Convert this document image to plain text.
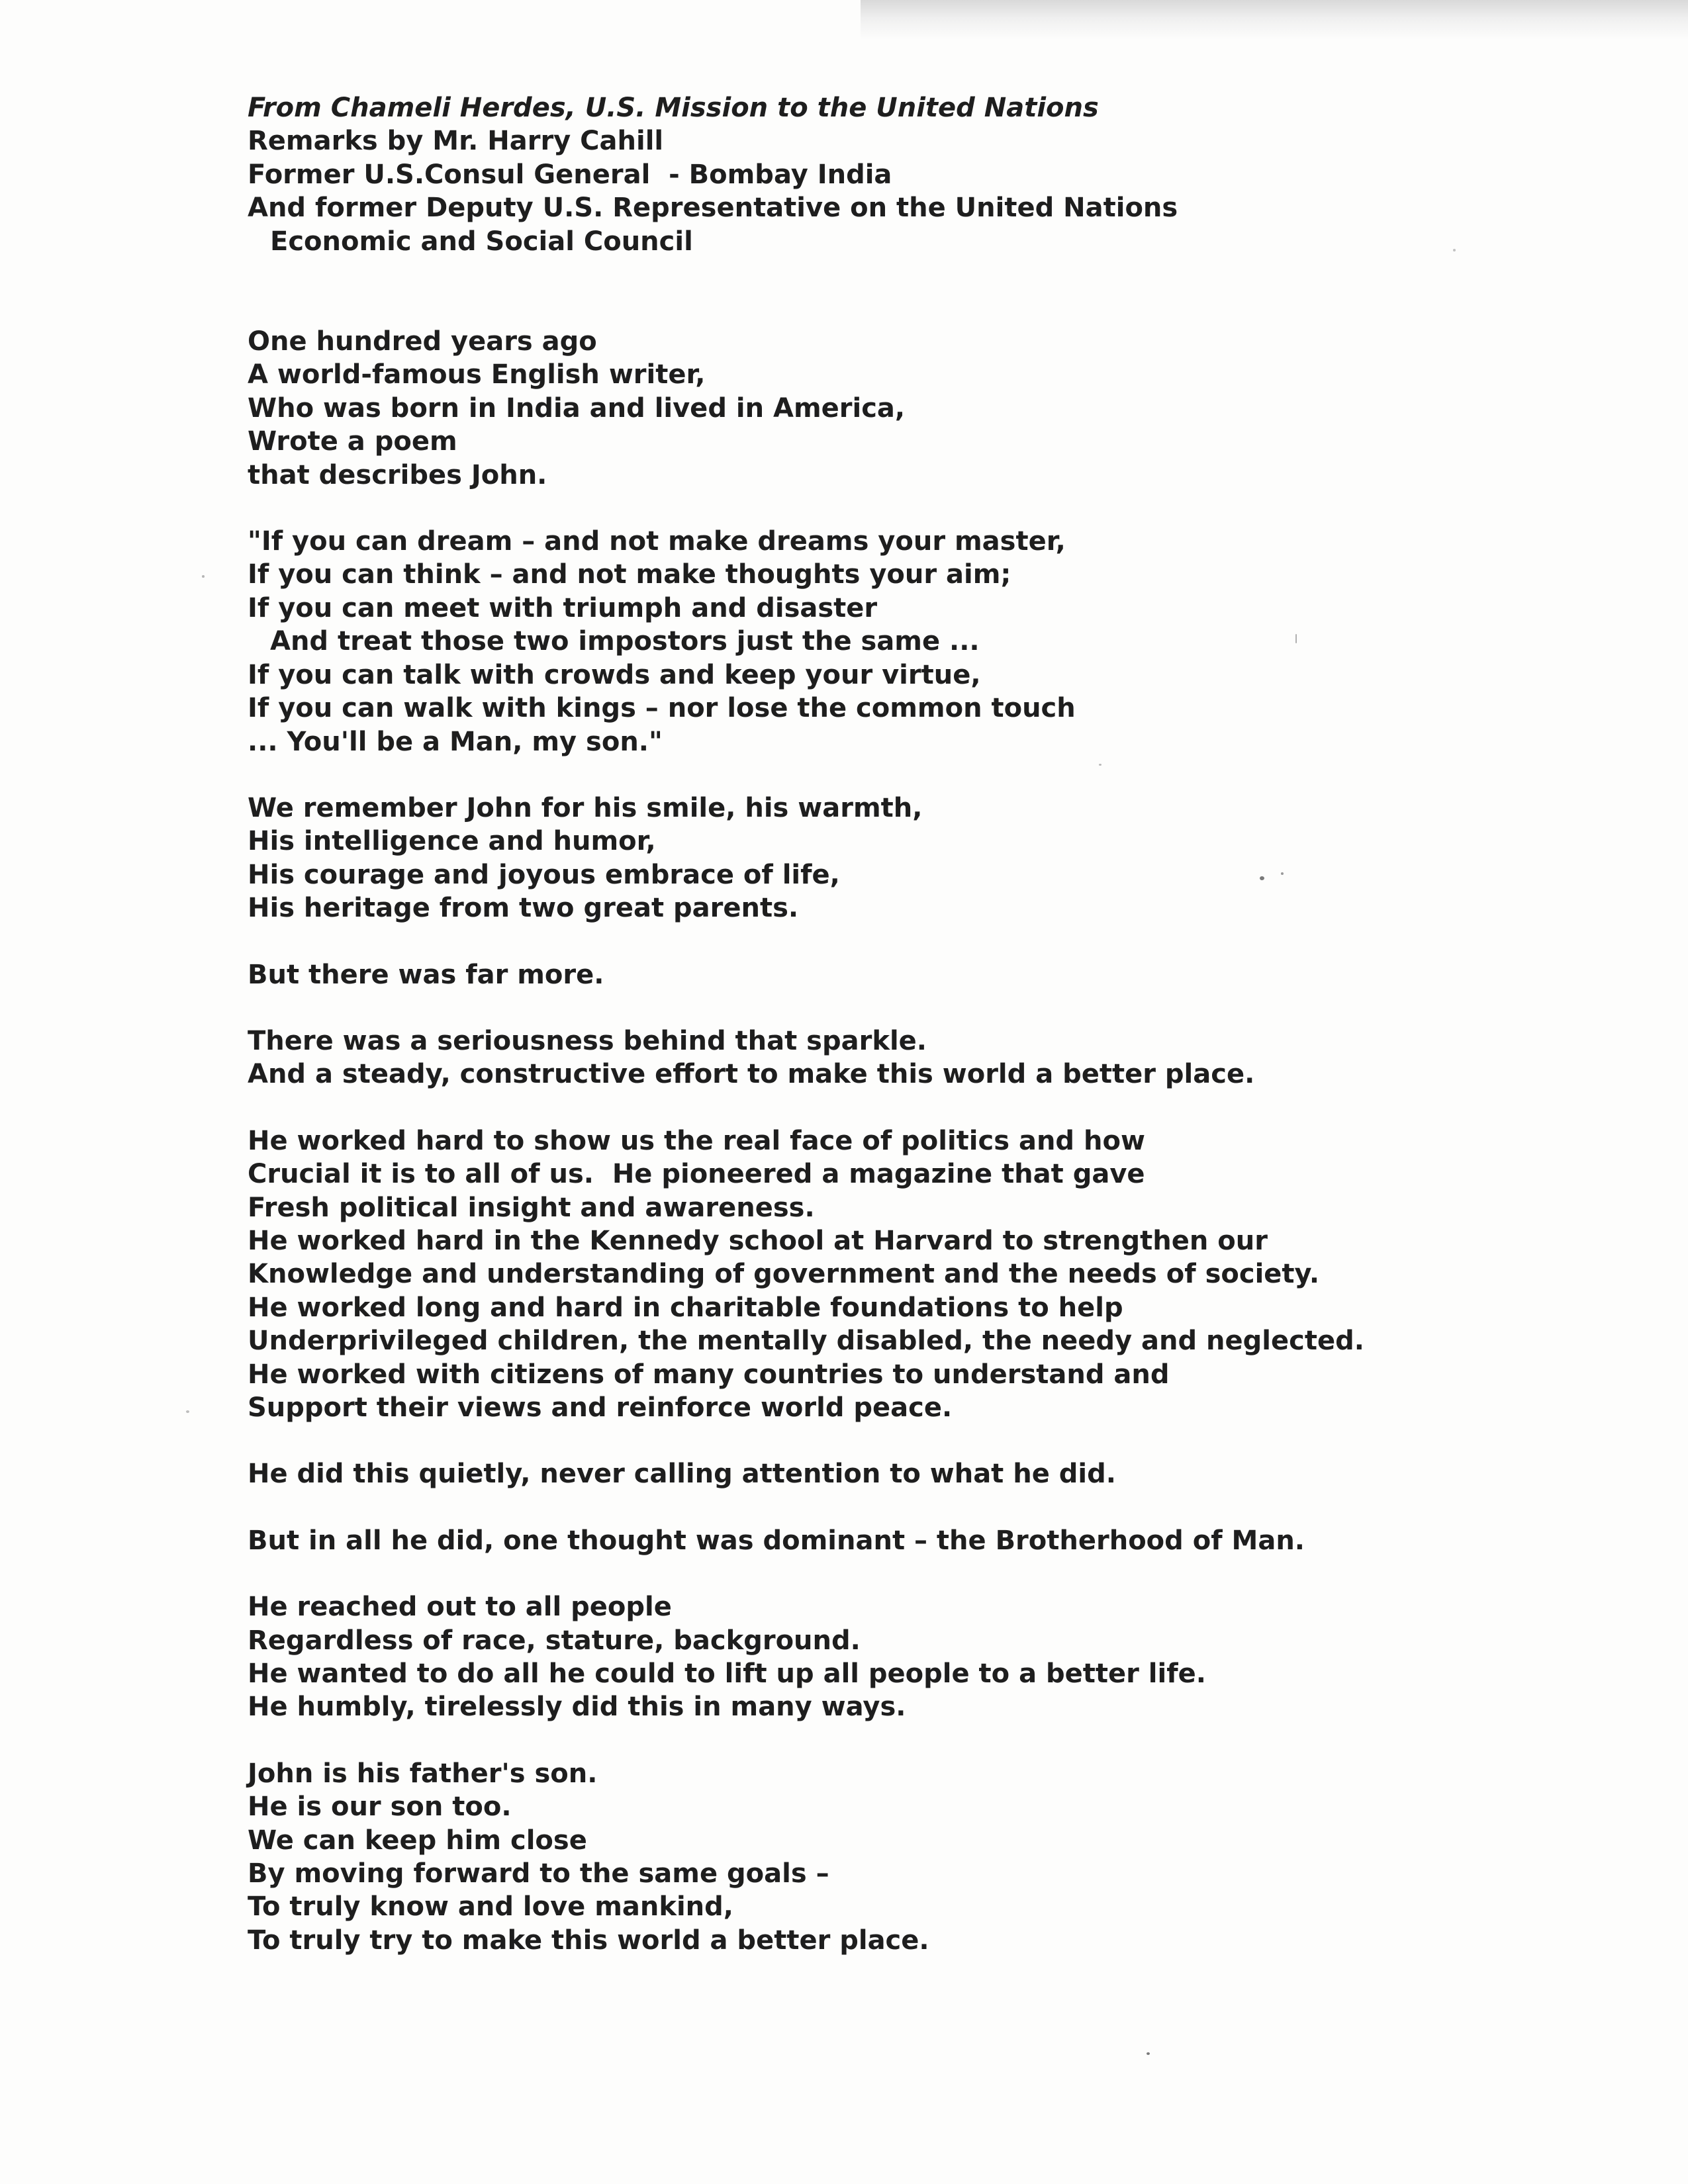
From Chameli Herdes, U.S. Mission to the United Nations
Remarks by Mr. Harry Cahill
Former U.S.Consul General  - Bombay India
And former Deputy U.S. Representative on the United Nations
Economic and Social Council
One hundred years ago
A world-famous English writer,
Who was born in India and lived in America,
Wrote a poem
that describes John.
"If you can dream – and not make dreams your master,
If you can think – and not make thoughts your aim;
If you can meet with triumph and disaster
And treat those two impostors just the same ...
If you can talk with crowds and keep your virtue,
If you can walk with kings – nor lose the common touch
... You'll be a Man, my son."
We remember John for his smile, his warmth,
His intelligence and humor,
His courage and joyous embrace of life,
His heritage from two great parents.
But there was far more.
There was a seriousness behind that sparkle.
And a steady, constructive effort to make this world a better place.
He worked hard to show us the real face of politics and how
Crucial it is to all of us.  He pioneered a magazine that gave
Fresh political insight and awareness.
He worked hard in the Kennedy school at Harvard to strengthen our
Knowledge and understanding of government and the needs of society.
He worked long and hard in charitable foundations to help
Underprivileged children, the mentally disabled, the needy and neglected.
He worked with citizens of many countries to understand and
Support their views and reinforce world peace.
He did this quietly, never calling attention to what he did.
But in all he did, one thought was dominant – the Brotherhood of Man.
He reached out to all people
Regardless of race, stature, background.
He wanted to do all he could to lift up all people to a better life.
He humbly, tirelessly did this in many ways.
John is his father's son.
He is our son too.
We can keep him close
By moving forward to the same goals –
To truly know and love mankind,
To truly try to make this world a better place.
